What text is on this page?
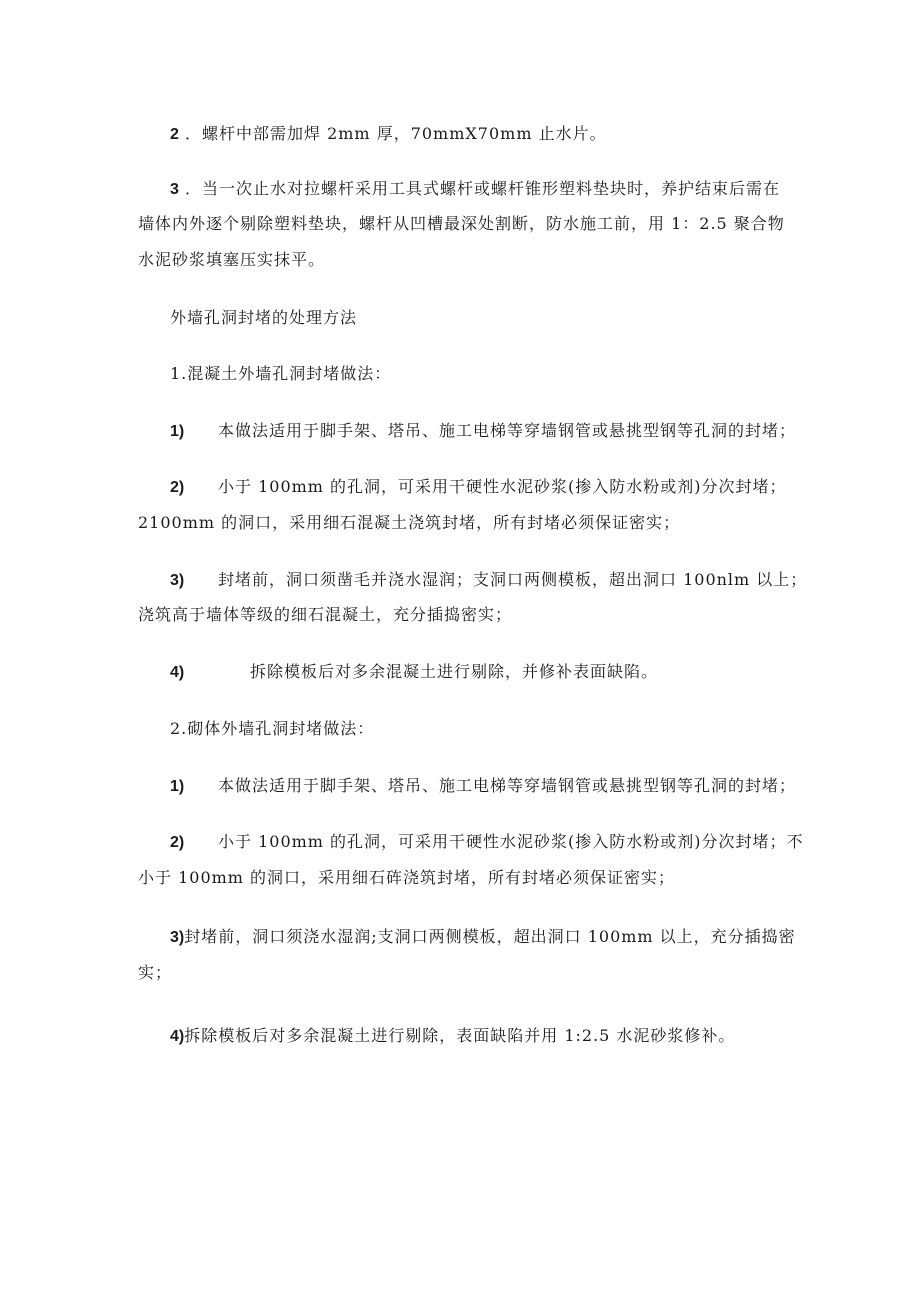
2 ．螺杆中部需加焊 2mm 厚，70mmX70mm 止水片。
3 ．当一次止水对拉螺杆采用工具式螺杆或螺杆锥形塑料垫块时，养护结束后需在
墙体内外逐个剔除塑料垫块，螺杆从凹槽最深处割断，防水施工前，用 1：2.5 聚合物
水泥砂浆填塞压实抹平。
外墙孔洞封堵的处理方法
1.混凝土外墙孔洞封堵做法：
1) 本做法适用于脚手架、塔吊、施工电梯等穿墙钢管或悬挑型钢等孔洞的封堵；
2) 小于 100mm 的孔洞，可采用干硬性水泥砂浆(掺入防水粉或剂)分次封堵；
2100mm 的洞口，采用细石混凝土浇筑封堵，所有封堵必须保证密实；
3) 封堵前，洞口须凿毛并浇水湿润；支洞口两侧模板，超出洞口 100nlm 以上；
浇筑高于墙体等级的细石混凝土，充分插捣密实；
4)	拆除模板后对多余混凝土进行剔除，并修补表面缺陷。
2.砌体外墙孔洞封堵做法：
1) 本做法适用于脚手架、塔吊、施工电梯等穿墙钢管或悬挑型钢等孔洞的封堵；
2) 小于 100mm 的孔洞，可采用干硬性水泥砂浆(掺入防水粉或剂)分次封堵；不
小于 100mm 的洞口，采用细石砗浇筑封堵，所有封堵必须保证密实；
3)封堵前，洞口须浇水湿润;支洞口两侧模板，超出洞口 100mm 以上，充分插捣密
实；
4)拆除模板后对多余混凝土进行剔除，表面缺陷并用 1:2.5 水泥砂浆修补。
